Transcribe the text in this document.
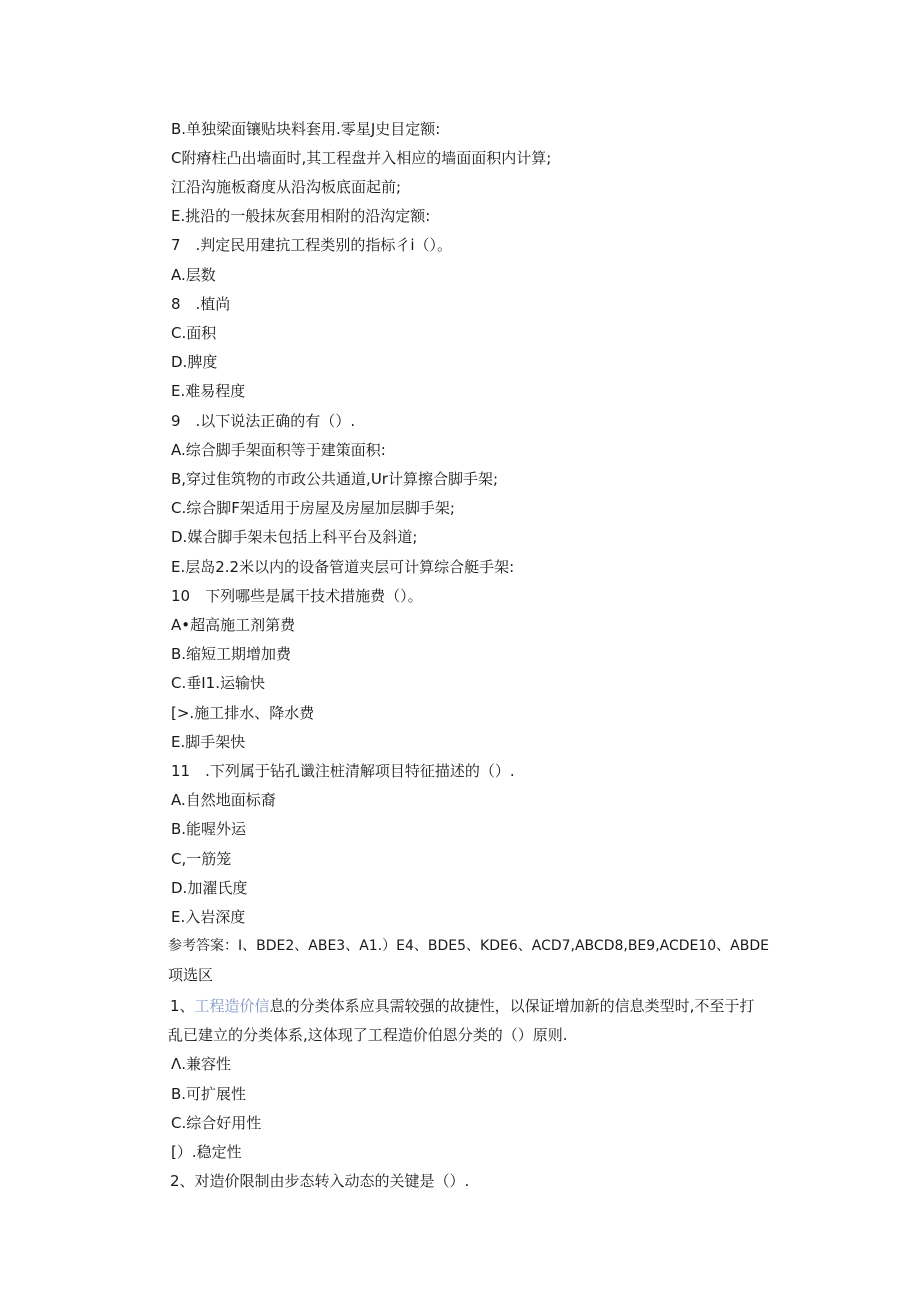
B.单独梁面镶贴块料套用.零星J史目定额:
C附瘠柱凸出墙面时,其工程盘并入相应的墙面面积内计算;
江沿沟施板裔度从沿沟板底面起前;
E.挑沿的一般抹灰套用相附的沿沟定额:
7　.判定民用建抗工程类别的指标彳i（）。
A.层数
8　.植尚
C.面积
D.脾度
E.难易程度
9　.以下说法正确的有（）.
A.综合脚手架面积等于建策面积:
B,穿过隹筑物的市政公共通道,Ur计算擦合脚手架;
C.综合脚F架适用于房屋及房屋加层脚手架;
D.媒合脚手架未包括上科平台及斜道;
E.层岛2.2米以内的设备管道夹层可计算综合艇手架:
10　下列哪些是属干技术措施费（）。
A•超高施工剂第费
B.缩短工期增加费
C.垂I1.运输快
[>.施工排水、降水费
E.脚手架快
11　.下列属于钻孔谶注桩清解项目特征描述的（）.
A.自然地面标裔
B.能喔外运
C,一筋笼
D.加濯氏度
E.入岩深度
参考答案：I、BDE2、ABE3、A1.）E4、BDE5、KDE6、ACD7,ABCD8,BE9,ACDE10、ABDE
项选区
1、工程造价信息的分类体系应具需较强的故捷性，以保证增加新的信息类型时,不至于打
乱已建立的分类体系,这体现了工程造价伯恩分类的（）原则.
Λ.兼容性
B.可扩展性
C.综合好用性
[）.稳定性
2、对造价限制由步态转入动态的关键是（）.
